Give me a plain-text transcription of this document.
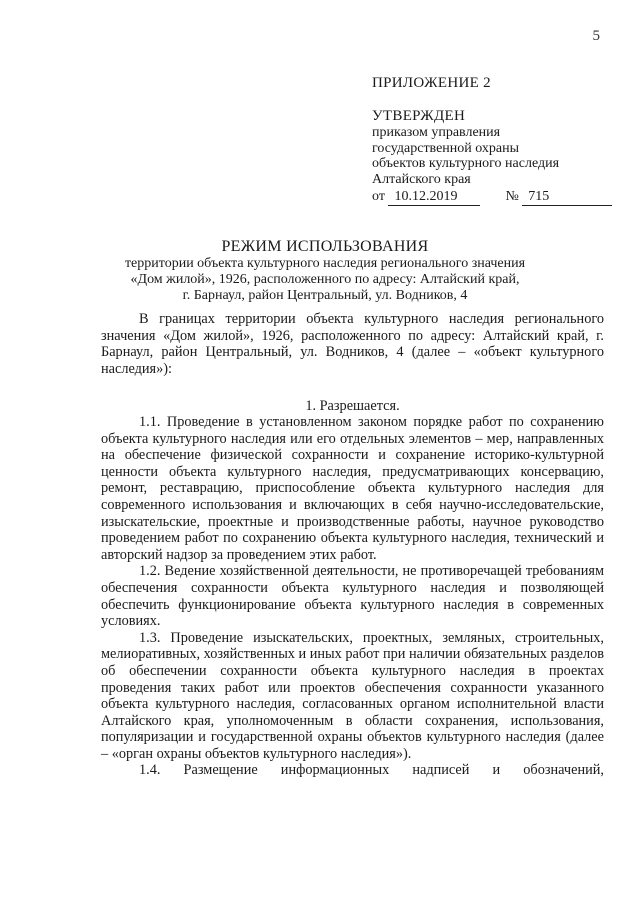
5
ПРИЛОЖЕНИЕ 2
УТВЕРЖДЕН
приказом управления
государственной охраны
объектов культурного наследия
Алтайского края
от 10.12.2019	№ 715
РЕЖИМ ИСПОЛЬЗОВАНИЯ
территории объекта культурного наследия регионального значения
«Дом жилой», 1926, расположенного по адресу: Алтайский край,
г. Барнаул, район Центральный, ул. Водников, 4

В границах территории объекта культурного наследия регионального значения «Дом жилой», 1926, расположенного по адресу: Алтайский край, г. Барнаул, район Центральный, ул. Водников, 4 (далее – «объект культурного наследия»):

1. Разрешается.

1.1. Проведение в установленном законом порядке работ по сохранению объекта культурного наследия или его отдельных элементов – мер, направленных на обеспечение физической сохранности и сохранение историко-культурной ценности объекта культурного наследия, предусматривающих консервацию, ремонт, реставрацию, приспособление объекта культурного наследия для современного использования и включающих в себя научно-исследовательские, изыскательские, проектные и производственные работы, научное руководство проведением работ по сохранению объекта культурного наследия, технический и авторский надзор за проведением этих работ.

1.2. Ведение хозяйственной деятельности, не противоречащей требованиям обеспечения сохранности объекта культурного наследия и позволяющей обеспечить функционирование объекта культурного наследия в современных условиях.

1.3. Проведение изыскательских, проектных, земляных, строительных, мелиоративных, хозяйственных и иных работ при наличии обязательных разделов об обеспечении сохранности объекта культурного наследия в проектах проведения таких работ или проектов обеспечения сохранности указанного объекта культурного наследия, согласованных органом исполнительной власти Алтайского края, уполномоченным в области сохранения, использования, популяризации и государственной охраны объектов культурного наследия (далее – «орган охраны объектов культурного наследия»).

1.4. Размещение информационных надписей и обозначений,
